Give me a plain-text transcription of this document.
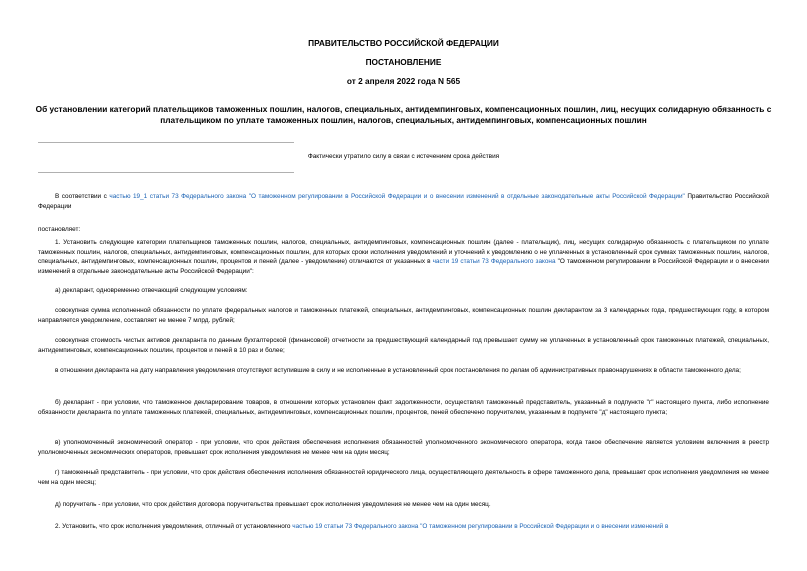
ПРАВИТЕЛЬСТВО РОССИЙСКОЙ ФЕДЕРАЦИИ
ПОСТАНОВЛЕНИЕ
от 2 апреля 2022 года N 565
Об установлении категорий плательщиков таможенных пошлин, налогов, специальных, антидемпинговых, компенсационных пошлин, лиц, несущих солидарную обязанность с плательщиком по уплате таможенных пошлин, налогов, специальных, антидемпинговых, компенсационных пошлин
Фактически утратило силу в связи с истечением срока действия

В соответствии с частью 19_1 статьи 73 Федерального закона "О таможенном регулировании в Российской Федерации и о внесении изменений в отдельные законодательные акты Российской Федерации" Правительство Российской Федерации

постановляет:

1. Установить следующие категории плательщиков таможенных пошлин, налогов, специальных, антидемпинговых, компенсационных пошлин (далее - плательщик), лиц, несущих солидарную обязанность с плательщиком по уплате таможенных пошлин, налогов, специальных, антидемпинговых, компенсационных пошлин, для которых сроки исполнения уведомлений и уточнений к уведомлению о не уплаченных в установленный срок суммах таможенных пошлин, налогов, специальных, антидемпинговых, компенсационных пошлин, процентов и пеней (далее - уведомление) отличаются от указанных в части 19 статьи 73 Федерального закона "О таможенном регулировании в Российской Федерации и о внесении изменений в отдельные законодательные акты Российской Федерации":

а) декларант, одновременно отвечающий следующим условиям:

совокупная сумма исполненной обязанности по уплате федеральных налогов и таможенных платежей, специальных, антидемпинговых, компенсационных пошлин декларантом за 3 календарных года, предшествующих году, в котором направляется уведомление, составляет не менее 7 млрд. рублей;

совокупная стоимость чистых активов декларанта по данным бухгалтерской (финансовой) отчетности за предшествующий календарный год превышает сумму не уплаченных в установленный срок таможенных платежей, специальных, антидемпинговых, компенсационных пошлин, процентов и пеней в 10 раз и более;

в отношении декларанта на дату направления уведомления отсутствуют вступившие в силу и не исполненные в установленный срок постановления по делам об административных правонарушениях в области таможенного дела;

б) декларант - при условии, что таможенное декларирование товаров, в отношении которых установлен факт задолженности, осуществлял таможенный представитель, указанный в подпункте "г" настоящего пункта, либо исполнение обязанности декларанта по уплате таможенных платежей, специальных, антидемпинговых, компенсационных пошлин, процентов, пеней обеспечено поручителем, указанным в подпункте "д" настоящего пункта;

в) уполномоченный экономический оператор - при условии, что срок действия обеспечения исполнения обязанностей уполномоченного экономического оператора, когда такое обеспечение является условием включения в реестр уполномоченных экономических операторов, превышает срок исполнения уведомления не менее чем на один месяц;

г) таможенный представитель - при условии, что срок действия обеспечения исполнения обязанностей юридического лица, осуществляющего деятельность в сфере таможенного дела, превышает срок исполнения уведомления не менее чем на один месяц;

д) поручитель - при условии, что срок действия договора поручительства превышает срок исполнения уведомления не менее чем на один месяц.

2. Установить, что срок исполнения уведомления, отличный от установленного частью 19 статьи 73 Федерального закона "О таможенном регулировании в Российской Федерации и о внесении изменений в
